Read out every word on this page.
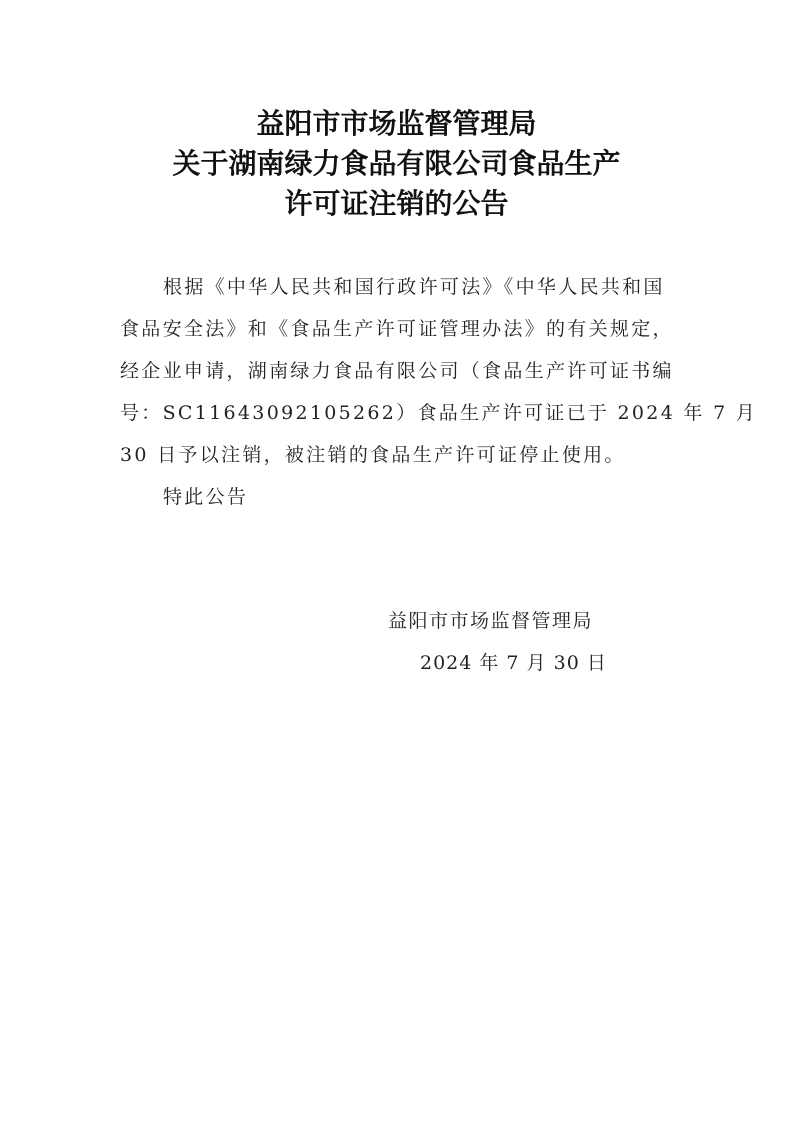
益阳市市场监督管理局
关于湖南绿力食品有限公司食品生产
许可证注销的公告
根据《中华人民共和国行政许可法》《中华人民共和国
食品安全法》和《食品生产许可证管理办法》的有关规定，
经企业申请，湖南绿力食品有限公司（食品生产许可证书编
号：SC11643092105262）食品生产许可证已于 2024 年 7 月
30 日予以注销，被注销的食品生产许可证停止使用。
特此公告
益阳市市场监督管理局
2024 年 7 月 30 日
